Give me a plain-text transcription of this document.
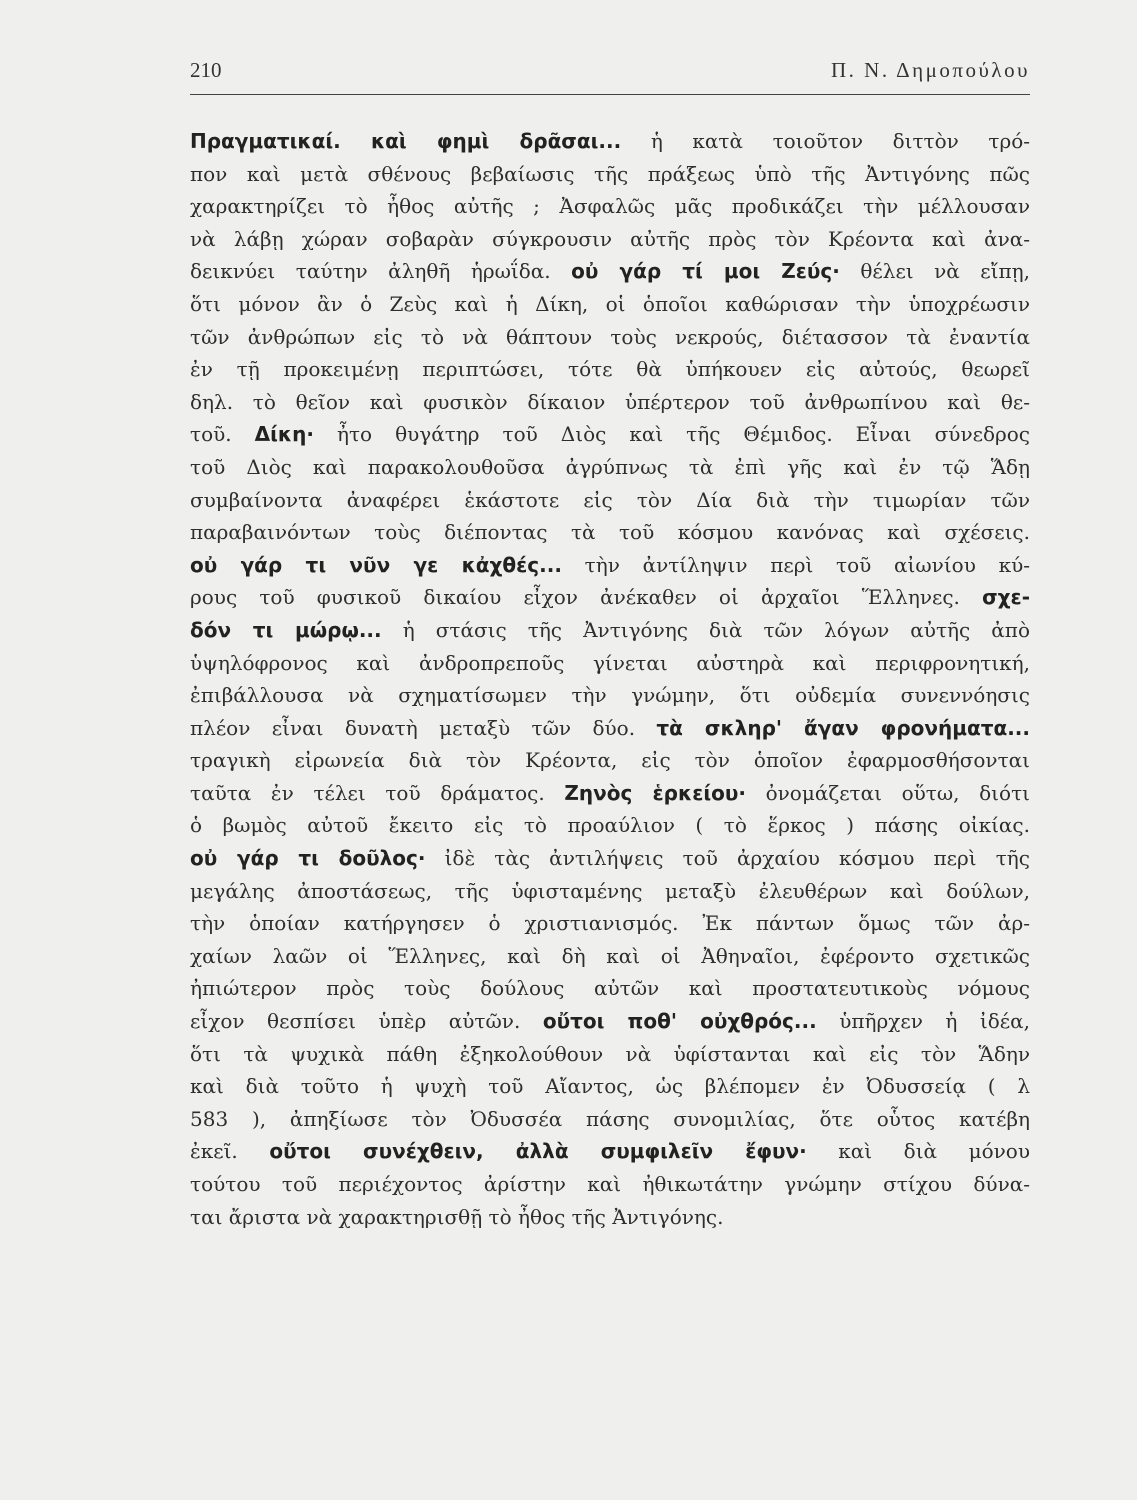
210	Π. Ν. Δημοπούλου
Πραγματικαί. καὶ φημὶ δρᾶσαι... ἡ κατὰ τοιοῦτον διττὸν τρό-
πον καὶ μετὰ σθένους βεβαίωσις τῆς πράξεως ὑπὸ τῆς Ἀντιγόνης πῶς
χαρακτηρίζει τὸ ἦθος αὐτῆς ; Ἀσφαλῶς μᾶς προδικάζει τὴν μέλλουσαν
νὰ λάβῃ χώραν σοβαρὰν σύγκρουσιν αὐτῆς πρὸς τὸν Κρέοντα καὶ ἀνα-
δεικνύει ταύτην ἀληθῆ ἡρωΐδα. οὐ γάρ τί μοι Ζεύς· θέλει νὰ εἴπῃ,
ὅτι μόνον ἂν ὁ Ζεὺς καὶ ἡ Δίκη, οἱ ὁποῖοι καθώρισαν τὴν ὑποχρέωσιν
τῶν ἀνθρώπων εἰς τὸ νὰ θάπτουν τοὺς νεκρούς, διέτασσον τὰ ἐναντία
ἐν τῇ προκειμένῃ περιπτώσει, τότε θὰ ὑπήκουεν εἰς αὐτούς, θεωρεῖ
δηλ. τὸ θεῖον καὶ φυσικὸν δίκαιον ὑπέρτερον τοῦ ἀνθρωπίνου καὶ θε-
τοῦ. Δίκη· ἦτο θυγάτηρ τοῦ Διὸς καὶ τῆς Θέμιδος. Εἶναι σύνεδρος
τοῦ Διὸς καὶ παρακολουθοῦσα ἀγρύπνως τὰ ἐπὶ γῆς καὶ ἐν τῷ Ἅδῃ
συμβαίνοντα ἀναφέρει ἑκάστοτε εἰς τὸν Δία διὰ τὴν τιμωρίαν τῶν
παραβαινόντων τοὺς διέποντας τὰ τοῦ κόσμου κανόνας καὶ σχέσεις.
οὐ γάρ τι νῦν γε κἀχθές... τὴν ἀντίληψιν περὶ τοῦ αἰωνίου κύ-
ρους τοῦ φυσικοῦ δικαίου εἶχον ἀνέκαθεν οἱ ἀρχαῖοι Ἕλληνες. σχε-
δόν τι μώρῳ... ἡ στάσις τῆς Ἀντιγόνης διὰ τῶν λόγων αὐτῆς ἀπὸ
ὑψηλόφρονος καὶ ἀνδροπρεποῦς γίνεται αὐστηρὰ καὶ περιφρονητική,
ἐπιβάλλουσα νὰ σχηματίσωμεν τὴν γνώμην, ὅτι οὐδεμία συνεννόησις
πλέον εἶναι δυνατὴ μεταξὺ τῶν δύο. τὰ σκληρ' ἄγαν φρονήματα...
τραγικὴ εἰρωνεία διὰ τὸν Κρέοντα, εἰς τὸν ὁποῖον ἐφαρμοσθήσονται
ταῦτα ἐν τέλει τοῦ δράματος. Ζηνὸς ἑρκείου· ὀνομάζεται οὕτω, διότι
ὁ βωμὸς αὐτοῦ ἔκειτο εἰς τὸ προαύλιον ( τὸ ἕρκος ) πάσης οἰκίας.
οὐ γάρ τι δοῦλος· ἰδὲ τὰς ἀντιλήψεις τοῦ ἀρχαίου κόσμου περὶ τῆς
μεγάλης ἀποστάσεως, τῆς ὑφισταμένης μεταξὺ ἐλευθέρων καὶ δούλων,
τὴν ὁποίαν κατήργησεν ὁ χριστιανισμός. Ἐκ πάντων ὅμως τῶν ἀρ-
χαίων λαῶν οἱ Ἕλληνες, καὶ δὴ καὶ οἱ Ἀθηναῖοι, ἐφέροντο σχετικῶς
ἠπιώτερον πρὸς τοὺς δούλους αὐτῶν καὶ προστατευτικοὺς νόμους
εἶχον θεσπίσει ὑπὲρ αὐτῶν. οὔτοι ποθ' οὐχθρός... ὑπῆρχεν ἡ ἰδέα,
ὅτι τὰ ψυχικὰ πάθη ἐξηκολούθουν νὰ ὑφίστανται καὶ εἰς τὸν Ἅδην
καὶ διὰ τοῦτο ἡ ψυχὴ τοῦ Αἴαντος, ὡς βλέπομεν ἐν Ὀδυσσείᾳ ( λ
583 ), ἀπηξίωσε τὸν Ὀδυσσέα πάσης συνομιλίας, ὅτε οὗτος κατέβη
ἐκεῖ. οὔτοι συνέχθειν, ἀλλὰ συμφιλεῖν ἔφυν· καὶ διὰ μόνου
τούτου τοῦ περιέχοντος ἀρίστην καὶ ἠθικωτάτην γνώμην στίχου δύνα-
ται ἄριστα νὰ χαρακτηρισθῇ τὸ ἦθος τῆς Ἀντιγόνης.
